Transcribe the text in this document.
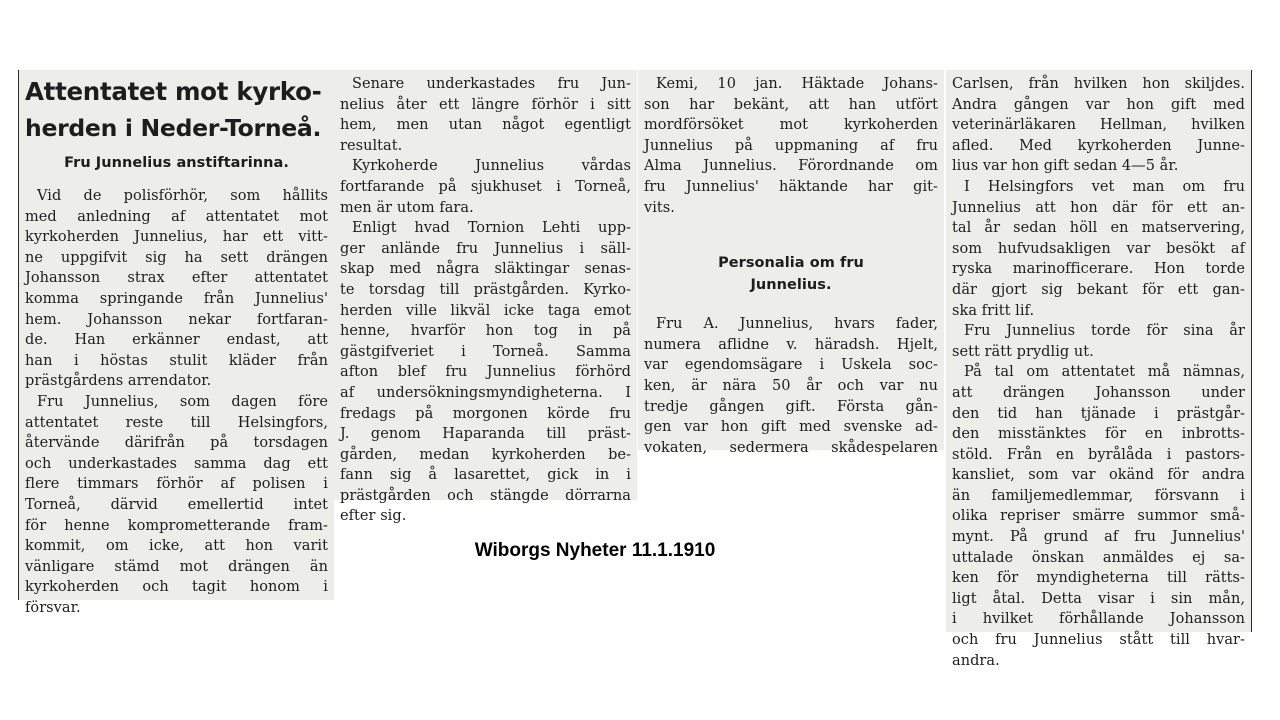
Attentatet mot kyrko-
herden i Neder-Torneå.
Fru Junnelius anstiftarinna.
Vid de polisförhör, som hållits
med anledning af attentatet mot
kyrkoherden Junnelius, har ett vitt-
ne uppgifvit sig ha sett drängen
Johansson strax efter attentatet
komma springande från Junnelius'
hem. Johansson nekar fortfaran-
de. Han erkänner endast, att
han i höstas stulit kläder från
prästgårdens arrendator.
Fru Junnelius, som dagen före
attentatet reste till Helsingfors,
återvände därifrån på torsdagen
och underkastades samma dag ett
flere timmars förhör af polisen i
Torneå, därvid emellertid intet
för henne komprometterande fram-
kommit, om icke, att hon varit
vänligare stämd mot drängen än
kyrkoherden och tagit honom i
försvar.
Senare underkastades fru Jun-
nelius åter ett längre förhör i sitt
hem, men utan något egentligt
resultat.
Kyrkoherde Junnelius vårdas
fortfarande på sjukhuset i Torneå,
men är utom fara.
Enligt hvad Tornion Lehti upp-
ger anlände fru Junnelius i säll-
skap med några släktingar senas-
te torsdag till prästgården. Kyrko-
herden ville likväl icke taga emot
henne, hvarför hon tog in på
gästgifveriet i Torneå. Samma
afton blef fru Junnelius förhörd
af undersökningsmyndigheterna. I
fredags på morgonen körde fru
J. genom Haparanda till präst-
gården, medan kyrkoherden be-
fann sig å lasarettet, gick in i
prästgården och stängde dörrarna
efter sig.
Kemi, 10 jan. Häktade Johans-
son har bekänt, att han utfört
mordförsöket mot kyrkoherden
Junnelius på uppmaning af fru
Alma Junnelius. Förordnande om
fru Junnelius' häktande har git-
vits.
Personalia om fru
Junnelius.
Fru A. Junnelius, hvars fader,
numera aflidne v. häradsh. Hjelt,
var egendomsägare i Uskela soc-
ken, är nära 50 år och var nu
tredje gången gift. Första gån-
gen var hon gift med svenske ad-
vokaten, sedermera skådespelaren
Carlsen, från hvilken hon skiljdes.
Andra gången var hon gift med
veterinärläkaren Hellman, hvilken
afled. Med kyrkoherden Junne-
lius var hon gift sedan 4—5 år.
I Helsingfors vet man om fru
Junnelius att hon där för ett an-
tal år sedan höll en matservering,
som hufvudsakligen var besökt af
ryska marinofficerare. Hon torde
där gjort sig bekant för ett gan-
ska fritt lif.
Fru Junnelius torde för sina år
sett rätt prydlig ut.
På tal om attentatet må nämnas,
att drängen Johansson under
den tid han tjänade i prästgår-
den misstänktes för en inbrotts-
stöld. Från en byrålåda i pastors-
kansliet, som var okänd för andra
än familjemedlemmar, försvann i
olika repriser smärre summor små-
mynt. På grund af fru Junnelius'
uttalade önskan anmäldes ej sa-
ken för myndigheterna till rätts-
ligt åtal. Detta visar i sin mån,
i hvilket förhållande Johansson
och fru Junnelius stått till hvar-
andra.
Wiborgs Nyheter 11.1.1910
